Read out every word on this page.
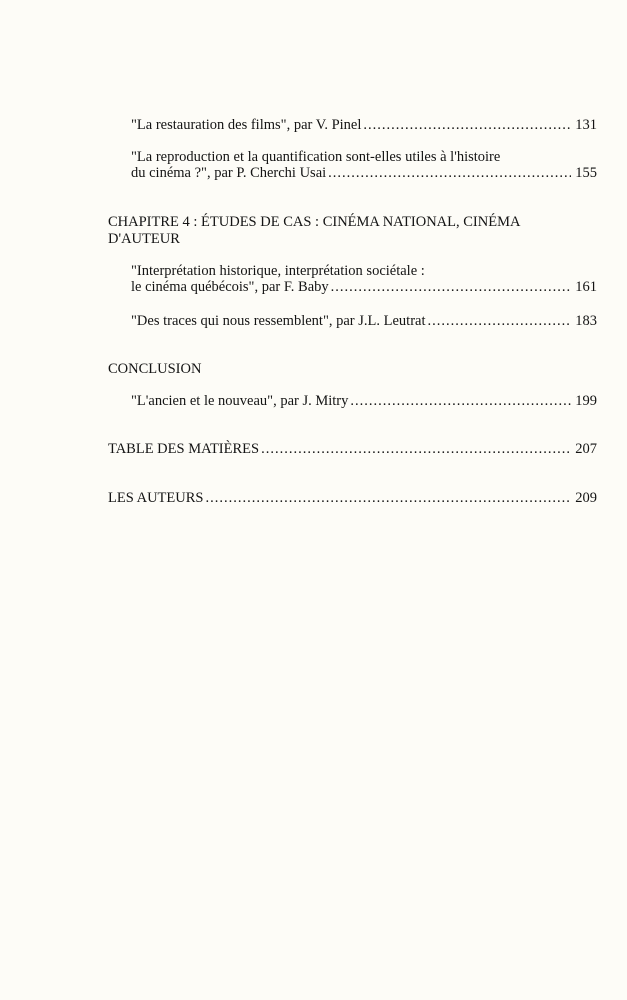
"La restauration des films", par V. Pinel .....	131
"La reproduction et la quantification sont-elles utiles à l'histoire
du cinéma ?", par P. Cherchi Usai .....	155
CHAPITRE 4 : ÉTUDES DE CAS : CINÉMA NATIONAL, CINÉMA D'AUTEUR
"Interprétation historique, interprétation sociétale :
le cinéma québécois", par F. Baby .....	161
"Des traces qui nous ressemblent", par J.L. Leutrat .....	183
CONCLUSION
"L'ancien et le nouveau", par J. Mitry .....	199
TABLE DES MATIÈRES .....	207
LES AUTEURS .....	209
